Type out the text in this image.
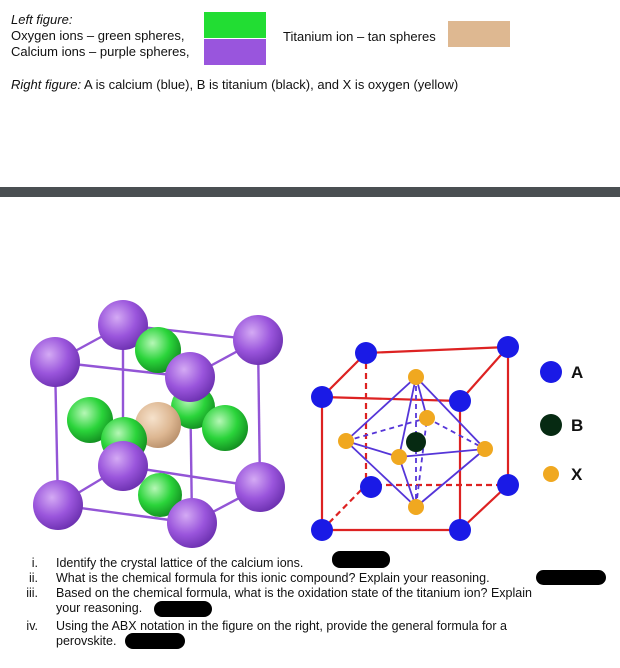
Left figure:
Oxygen ions – green spheres,
Calcium ions – purple spheres,
Titanium ion – tan spheres
Right figure: A is calcium (blue), B is titanium (black), and X is oxygen (yellow)
A
B
X
i. Identify the crystal lattice of the calcium ions.
ii. What is the chemical formula for this ionic compound? Explain your reasoning.
iii. Based on the chemical formula, what is the oxidation state of the titanium ion? Explain
your reasoning.
iv. Using the ABX notation in the figure on the right, provide the general formula for a
perovskite.
